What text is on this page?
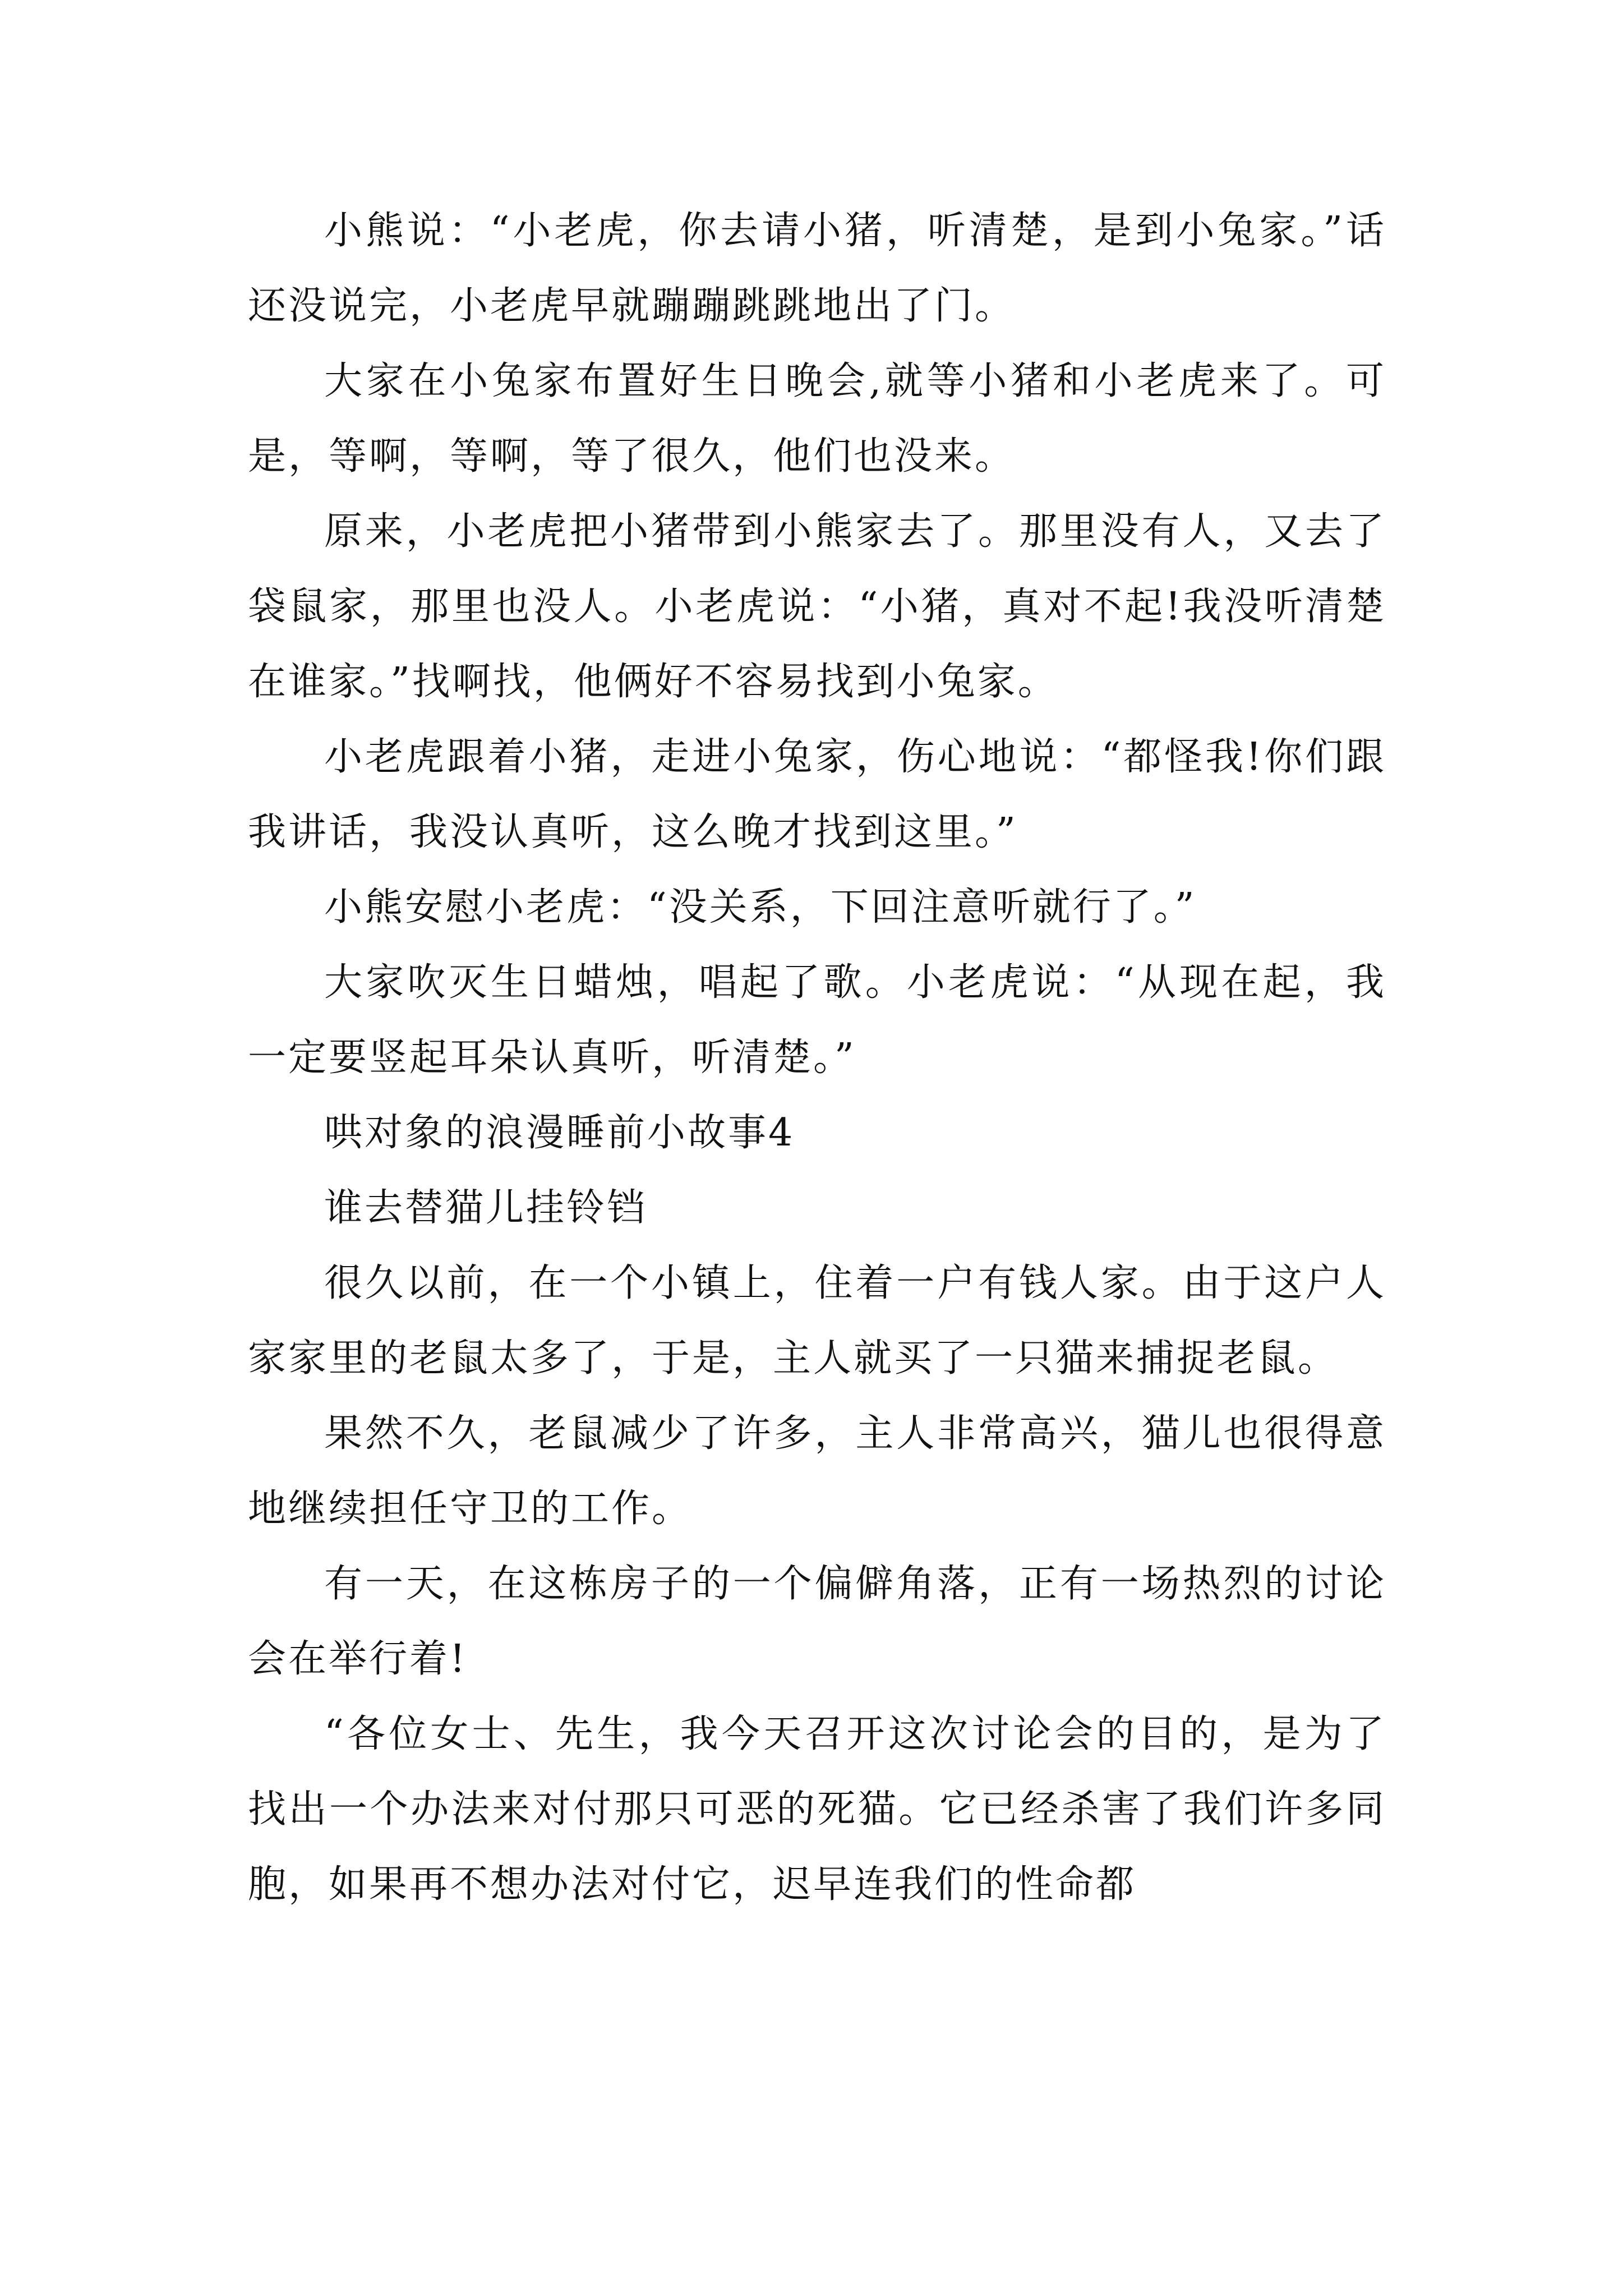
小熊说：“小老虎，你去请小猪，听清楚，是到小兔家。”话还没说完，小老虎早就蹦蹦跳跳地出了门。

大家在小兔家布置好生日晚会,就等小猪和小老虎来了。可是，等啊，等啊，等了很久，他们也没来。

原来，小老虎把小猪带到小熊家去了。那里没有人，又去了袋鼠家，那里也没人。小老虎说：“小猪，真对不起!我没听清楚在谁家。”找啊找，他俩好不容易找到小兔家。

小老虎跟着小猪，走进小兔家，伤心地说：“都怪我!你们跟我讲话，我没认真听，这么晚才找到这里。”

小熊安慰小老虎：“没关系，下回注意听就行了。”

大家吹灭生日蜡烛，唱起了歌。小老虎说：“从现在起，我一定要竖起耳朵认真听，听清楚。”

哄对象的浪漫睡前小故事4

谁去替猫儿挂铃铛

很久以前，在一个小镇上，住着一户有钱人家。由于这户人家家里的老鼠太多了，于是，主人就买了一只猫来捕捉老鼠。

果然不久，老鼠减少了许多，主人非常高兴，猫儿也很得意地继续担任守卫的工作。

有一天，在这栋房子的一个偏僻角落，正有一场热烈的讨论会在举行着!

“各位女士、先生，我今天召开这次讨论会的目的，是为了找出一个办法来对付那只可恶的死猫。它已经杀害了我们许多同胞，如果再不想办法对付它，迟早连我们的性命都
